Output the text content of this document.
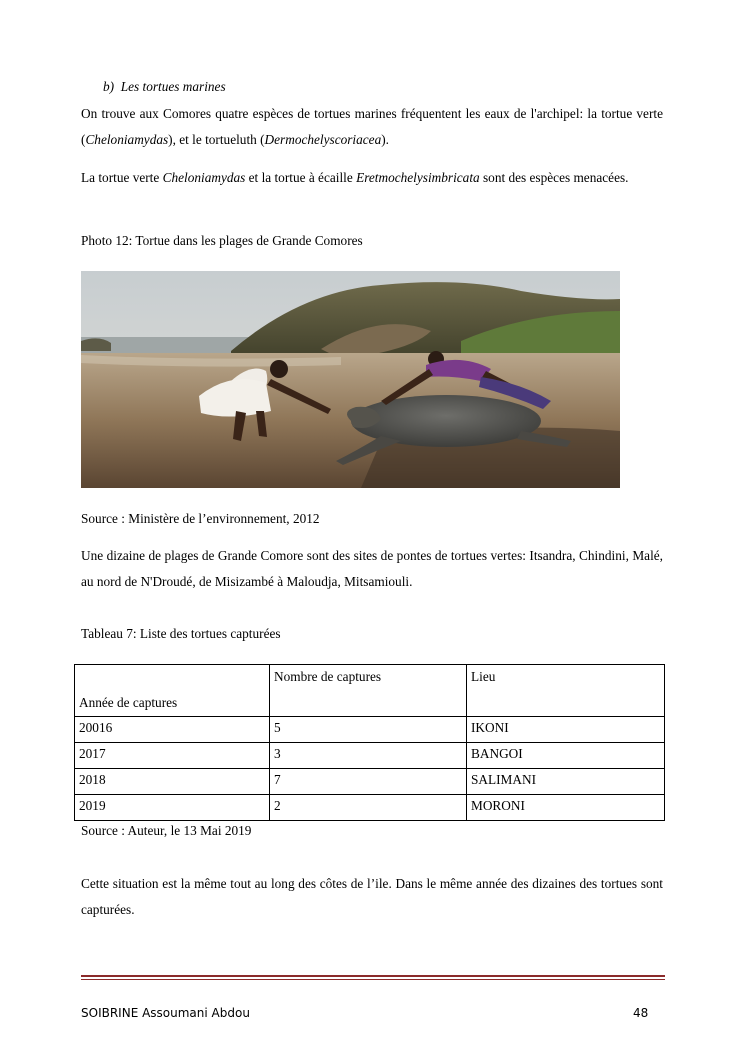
b) Les tortues marines

On trouve aux Comores quatre espèces de tortues marines fréquentent les eaux de l'archipel: la tortue verte (Cheloniamydas), et le tortueluth (Dermochelyscoriacea).

La tortue verte Cheloniamydas et la tortue à écaille Eretmochelysimbricata sont des espèces menacées.

Photo 12: Tortue dans les plages de Grande Comores
Source : Ministère de l’environnement, 2012

Une dizaine de plages de Grande Comore sont des sites de pontes de tortues vertes: Itsandra, Chindini, Malé, au nord de N'Droudé, de Misizambé à Maloudja, Mitsamiouli.

Tableau 7: Liste des tortues capturées
Année de captures	Nombre de captures	Lieu
20016	5	IKONI
2017	3	BANGOI
2018	7	SALIMANI
2019	2	MORONI
Source : Auteur, le 13 Mai 2019

Cette situation est la même tout au long des côtes de l’ile. Dans le même année des dizaines des tortues sont capturées.

SOIBRINE Assoumani Abdou	48
